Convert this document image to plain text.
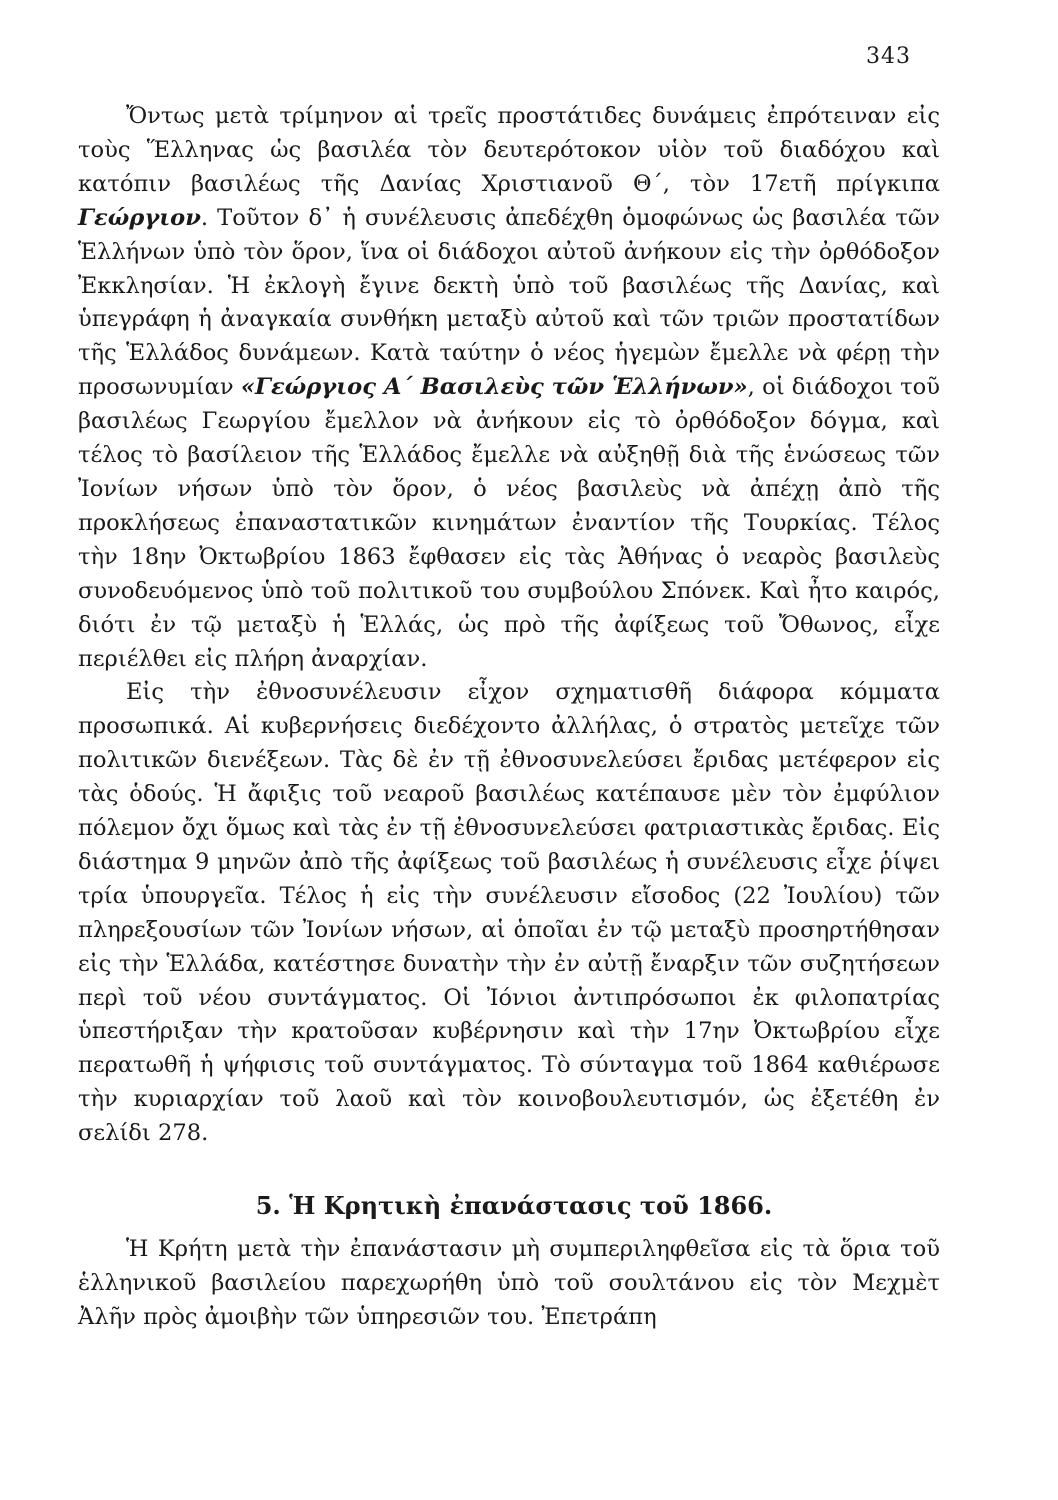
343

Ὄντως μετὰ τρίμηνον αἱ τρεῖς προστάτιδες δυνάμεις ἐπρότειναν εἰς τοὺς Ἕλληνας ὡς βασιλέα τὸν δευτερότοκον υἱὸν τοῦ διαδόχου καὶ κατόπιν βασιλέως τῆς Δανίας Χριστιανοῦ Θ΄, τὸν 17ετῆ πρίγκιπα Γεώργιον. Τοῦτον δ᾽ ἡ συνέλευσις ἀπεδέχθη ὁμοφώνως ὡς βασιλέα τῶν Ἑλλήνων ὑπὸ τὸν ὅρον, ἵνα οἱ διάδοχοι αὐτοῦ ἀνήκουν εἰς τὴν ὀρθόδοξον Ἐκκλησίαν. Ἡ ἐκλογὴ ἔγινε δεκτὴ ὑπὸ τοῦ βασιλέως τῆς Δανίας, καὶ ὑπεγράφη ἡ ἀναγκαία συνθήκη μεταξὺ αὐτοῦ καὶ τῶν τριῶν προστατίδων τῆς Ἑλλάδος δυνάμεων. Κατὰ ταύτην ὁ νέος ἡγεμὼν ἔμελλε νὰ φέρῃ τὴν προσωνυμίαν «Γεώργιος Α΄ Βασιλεὺς τῶν Ἑλλήνων», οἱ διάδοχοι τοῦ βασιλέως Γεωργίου ἔμελλον νὰ ἀνήκουν εἰς τὸ ὀρθόδοξον δόγμα, καὶ τέλος τὸ βασίλειον τῆς Ἑλλάδος ἔμελλε νὰ αὐξηθῇ διὰ τῆς ἑνώσεως τῶν Ἰονίων νήσων ὑπὸ τὸν ὅρον, ὁ νέος βασιλεὺς νὰ ἀπέχῃ ἀπὸ τῆς προκλήσεως ἐπαναστατικῶν κινημάτων ἐναντίον τῆς Τουρκίας. Τέλος τὴν 18ην Ὀκτωβρίου 1863 ἔφθασεν εἰς τὰς Ἀθήνας ὁ νεαρὸς βασιλεὺς συνοδευόμενος ὑπὸ τοῦ πολιτικοῦ του συμβούλου Σπόνεκ. Καὶ ἦτο καιρός, διότι ἐν τῷ μεταξὺ ἡ Ἑλλάς, ὡς πρὸ τῆς ἀφίξεως τοῦ Ὄθωνος, εἶχε περιέλθει εἰς πλήρη ἀναρχίαν.

Εἰς τὴν ἐθνοσυνέλευσιν εἶχον σχηματισθῆ διάφορα κόμματα προσωπικά. Αἱ κυβερνήσεις διεδέχοντο ἀλλήλας, ὁ στρατὸς μετεῖχε τῶν πολιτικῶν διενέξεων. Τὰς δὲ ἐν τῇ ἐθνοσυνελεύσει ἔριδας μετέφερον εἰς τὰς ὁδούς. Ἡ ἄφιξις τοῦ νεαροῦ βασιλέως κατέπαυσε μὲν τὸν ἐμφύλιον πόλεμον ὄχι ὅμως καὶ τὰς ἐν τῇ ἐθνοσυνελεύσει φατριαστικὰς ἔριδας. Εἰς διάστημα 9 μηνῶν ἀπὸ τῆς ἀφίξεως τοῦ βασιλέως ἡ συνέλευσις εἶχε ῥίψει τρία ὑπουργεῖα. Τέλος ἡ εἰς τὴν συνέλευσιν εἴσοδος (22 Ἰουλίου) τῶν πληρεξουσίων τῶν Ἰονίων νήσων, αἱ ὁποῖαι ἐν τῷ μεταξὺ προσηρτήθησαν εἰς τὴν Ἑλλάδα, κατέστησε δυνατὴν τὴν ἐν αὐτῇ ἔναρξιν τῶν συζητήσεων περὶ τοῦ νέου συντάγματος. Οἱ Ἰόνιοι ἀντιπρόσωποι ἐκ φιλοπατρίας ὑπεστήριξαν τὴν κρατοῦσαν κυβέρνησιν καὶ τὴν 17ην Ὀκτωβρίου εἶχε περατωθῆ ἡ ψήφισις τοῦ συντάγματος. Τὸ σύνταγμα τοῦ 1864 καθιέρωσε τὴν κυριαρχίαν τοῦ λαοῦ καὶ τὸν κοινοβουλευτισμόν, ὡς ἐξετέθη ἐν σελίδι 278.

5. Ἡ Κρητικὴ ἐπανάστασις τοῦ 1866.

Ἡ Κρήτη μετὰ τὴν ἐπανάστασιν μὴ συμπεριληφθεῖσα εἰς τὰ ὅρια τοῦ ἑλληνικοῦ βασιλείου παρεχωρήθη ὑπὸ τοῦ σουλτάνου εἰς τὸν Μεχμὲτ Ἀλῆν πρὸς ἀμοιβὴν τῶν ὑπηρεσιῶν του. Ἐπετράπη
